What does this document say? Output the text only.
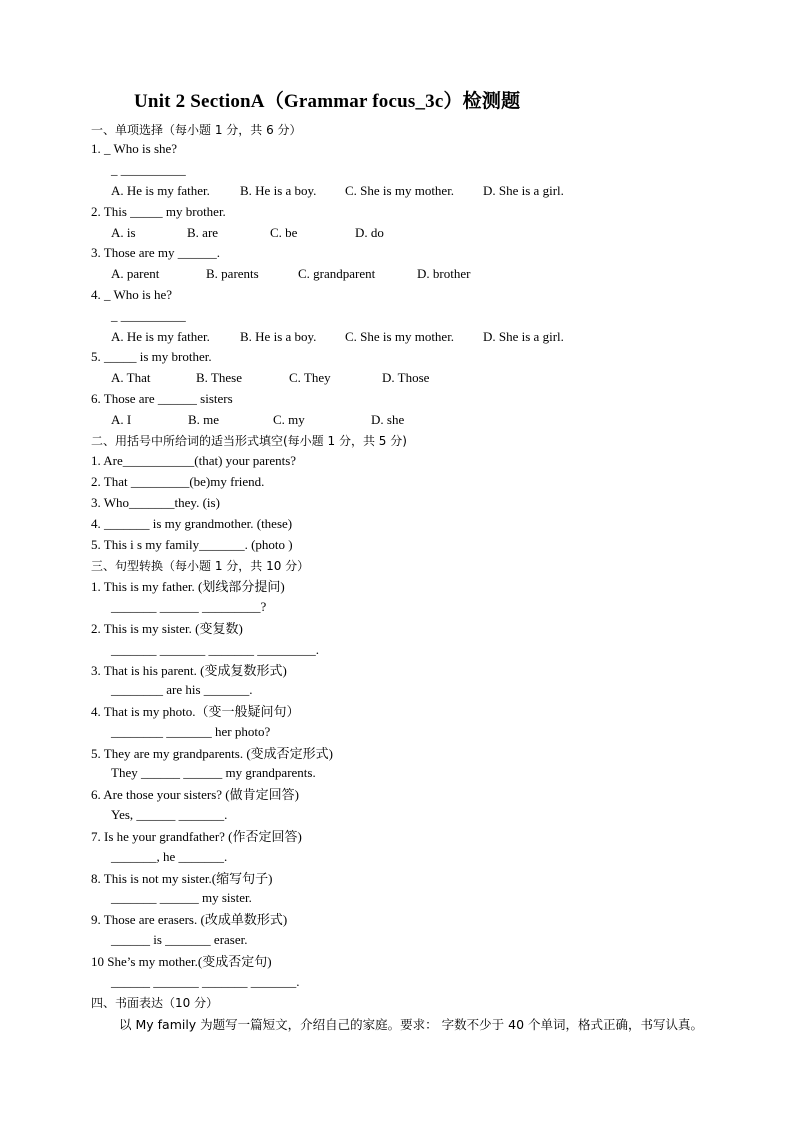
Unit 2 SectionA（Grammar focus_3c）检测题
一、单项选择（每小题 1 分，共 6 分）
1. _ Who is she?
_ __________
A. He is my father. B. He is a boy. C. She is my mother. D. She is a girl.
2. This _____ my brother.
A. is	B. are	C. be	D. do
3. Those are my ______.
A. parent	B. parents	C. grandparent	D. brother
4. _ Who is he?
_ __________
A. He is my father. B. He is a boy. C. She is my mother. D. She is a girl.
5. _____ is my brother.
A. That	B. These	C. They	D. Those
6. Those are ______ sisters
A. I	B. me	C. my	D. she
二、用括号中所给词的适当形式填空(每小题 1 分，共 5 分)
1. Are___________(that) your parents?
2. That _________(be)my friend.
3. Who_______they. (is)
4. _______ is my grandmother. (these)
5. This i s my family_______. (photo )
三、句型转换（每小题 1 分，共 10 分）
1. This is my father. (划线部分提问)
_______ ______ _________?
2. This is my sister. (变复数)
_______ _______ _______ _________.
3. That is his parent. (变成复数形式)
________ are his _______.
4. That is my photo.（变一般疑问句）
________ _______ her photo?
5. They are my grandparents. (变成否定形式)
They ______ ______ my grandparents.
6. Are those your sisters? (做肯定回答)
Yes, ______ _______.
7. Is he your grandfather? (作否定回答)
_______, he _______.
8. This is not my sister.(缩写句子)
_______ ______ my sister.
9. Those are erasers. (改成单数形式)
______ is _______ eraser.
10 She’s my mother.(变成否定句)
______ _______ _______ _______.
四、书面表达（10 分）
以 My family 为题写一篇短文，介绍自己的家庭。要求： 字数不少于 40 个单词，格式正确，书写认真。
